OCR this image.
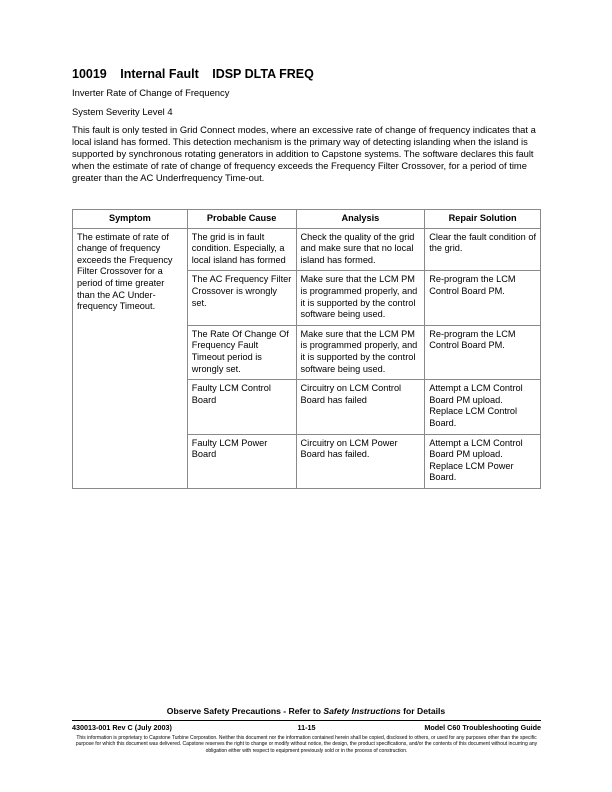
10019 Internal Fault IDSP DLTA FREQ
Inverter Rate of Change of Frequency
System Severity Level 4
This fault is only tested in Grid Connect modes, where an excessive rate of change of frequency indicates that a local island has formed. This detection mechanism is the primary way of detecting islanding when the island is supported by synchronous rotating generators in addition to Capstone systems. The software declares this fault when the estimate of rate of change of frequency exceeds the Frequency Filter Crossover, for a period of time greater than the AC Underfrequency Time-out.
Symptom	Probable Cause	Analysis	Repair Solution
The estimate of rate of change of frequency exceeds the Frequency Filter Crossover for a period of time greater than the AC Under-frequency Timeout.	The grid is in fault condition. Especially, a local island has formed	Check the quality of the grid and make sure that no local island has formed.	Clear the fault condition of the grid.
	The AC Frequency Filter Crossover is wrongly set.	Make sure that the LCM PM is programmed properly, and it is supported by the control software being used.	Re-program the LCM Control Board PM.
	The Rate Of Change Of Frequency Fault Timeout period is wrongly set.	Make sure that the LCM PM is programmed properly, and it is supported by the control software being used.	Re-program the LCM Control Board PM.
	Faulty LCM Control Board	Circuitry on LCM Control Board has failed	Attempt a LCM Control Board PM upload. Replace LCM Control Board.
	Faulty LCM Power Board	Circuitry on LCM Power Board has failed.	Attempt a LCM Control Board PM upload. Replace LCM Power Board.
Observe Safety Precautions - Refer to Safety Instructions for Details
430013-001 Rev C (July 2003)	11-15	Model C60 Troubleshooting Guide
This information is proprietary to Capstone Turbine Corporation. Neither this document nor the information contained herein shall be copied, disclosed to others, or used for any purposes other than the specific purpose for which this document was delivered. Capstone reserves the right to change or modify without notice, the design, the product specifications, and/or the contents of this document without incurring any obligation either with respect to equipment previously sold or in the process of construction.
